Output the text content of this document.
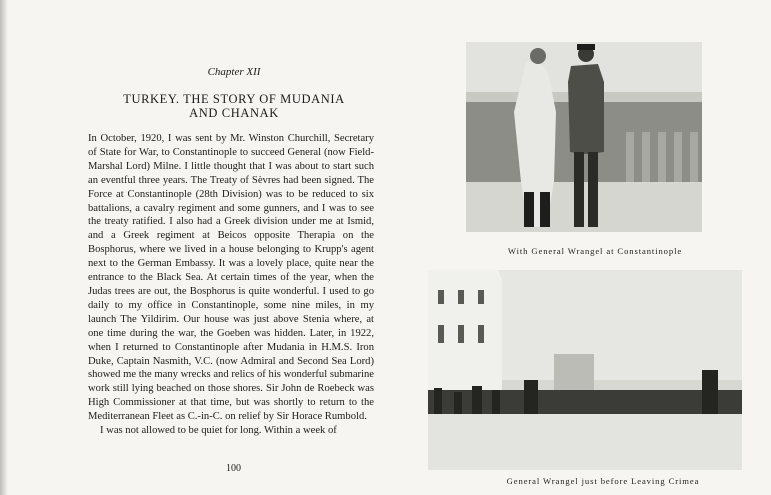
Chapter XII
TURKEY. THE STORY OF MUDANIA
AND CHANAK

In October, 1920, I was sent by Mr. Winston Churchill, Secretary of State for War, to Constantinople to succeed General (now Field-Marshal Lord) Milne. I little thought that I was about to start such an eventful three years. The Treaty of Sèvres had been signed. The Force at Constantinople (28th Division) was to be reduced to six battalions, a cavalry regiment and some gunners, and I was to see the treaty ratified. I also had a Greek division under me at Ismid, and a Greek regiment at Beicos opposite Therapia on the Bosphorus, where we lived in a house belonging to Krupp's agent next to the German Embassy. It was a lovely place, quite near the entrance to the Black Sea. At certain times of the year, when the Judas trees are out, the Bosphorus is quite wonderful. I used to go daily to my office in Constantinople, some nine miles, in my launch The Yildirim. Our house was just above Stenia where, at one time during the war, the Goeben was hidden. Later, in 1922, when I returned to Constantinople after Mudania in H.M.S. Iron Duke, Captain Nasmith, V.C. (now Admiral and Second Sea Lord) showed me the many wrecks and relics of his wonderful submarine work still lying beached on those shores. Sir John de Roebeck was High Commissioner at that time, but was shortly to return to the Mediterranean Fleet as C.-in-C. on relief by Sir Horace Rumbold.

I was not allowed to be quiet for long. Within a week of

100
With General Wrangel at Constantinople
General Wrangel just before Leaving Crimea
